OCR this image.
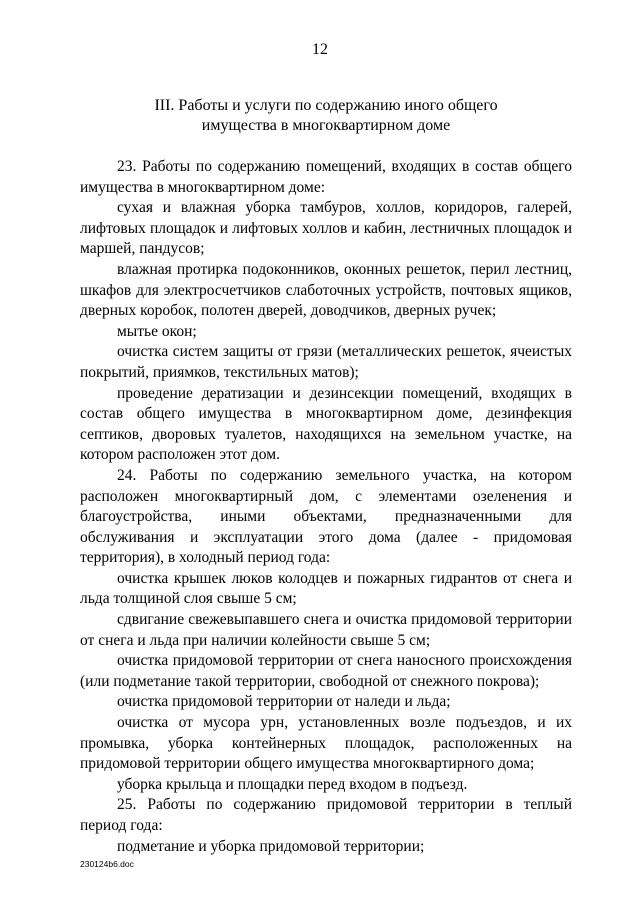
12
III. Работы и услуги по содержанию иного общего
имущества в многоквартирном доме

23. Работы по содержанию помещений, входящих в состав общего имущества в многоквартирном доме:

сухая и влажная уборка тамбуров, холлов, коридоров, галерей, лифтовых площадок и лифтовых холлов и кабин, лестничных площадок и маршей, пандусов;

влажная протирка подоконников, оконных решеток, перил лестниц, шкафов для электросчетчиков слаботочных устройств, почтовых ящиков, дверных коробок, полотен дверей, доводчиков, дверных ручек;

мытье окон;

очистка систем защиты от грязи (металлических решеток, ячеистых покрытий, приямков, текстильных матов);

проведение дератизации и дезинсекции помещений, входящих в состав общего имущества в многоквартирном доме, дезинфекция септиков, дворовых туалетов, находящихся на земельном участке, на котором расположен этот дом.

24. Работы по содержанию земельного участка, на котором расположен многоквартирный дом, с элементами озеленения и благоустройства, иными объектами, предназначенными для обслуживания и эксплуатации этого дома (далее - придомовая территория), в холодный период года:

очистка крышек люков колодцев и пожарных гидрантов от снега и льда толщиной слоя свыше 5 см;

сдвигание свежевыпавшего снега и очистка придомовой территории от снега и льда при наличии колейности свыше 5 см;

очистка придомовой территории от снега наносного происхождения (или подметание такой территории, свободной от снежного покрова);

очистка придомовой территории от наледи и льда;

очистка от мусора урн, установленных возле подъездов, и их промывка, уборка контейнерных площадок, расположенных на придомовой территории общего имущества многоквартирного дома;

уборка крыльца и площадки перед входом в подъезд.

25. Работы по содержанию придомовой территории в теплый период года:

подметание и уборка придомовой территории;

230124b6.doc
